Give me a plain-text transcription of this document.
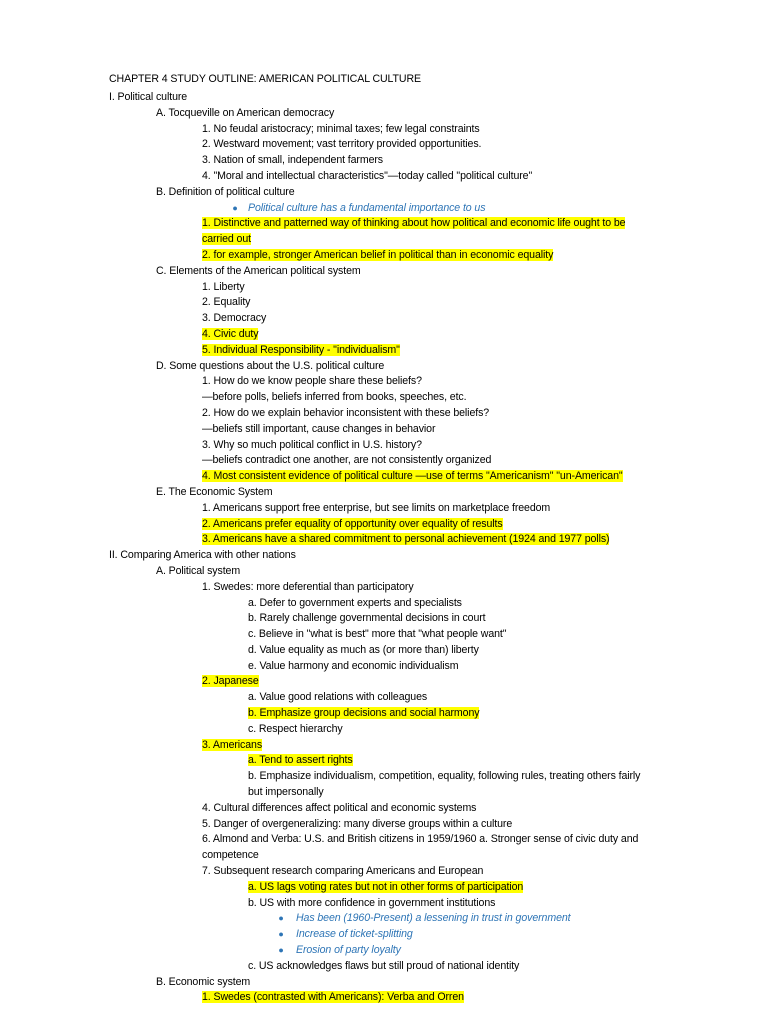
CHAPTER 4 STUDY OUTLINE: AMERICAN POLITICAL CULTURE
I. Political culture
A. Tocqueville on American democracy
1. No feudal aristocracy; minimal taxes; few legal constraints
2. Westward movement; vast territory provided opportunities.
3. Nation of small, independent farmers
4. "Moral and intellectual characteristics"—today called "political culture"
B. Definition of political culture
● Political culture has a fundamental importance to us
1. Distinctive and patterned way of thinking about how political and economic life ought to be
carried out
2. for example, stronger American belief in political than in economic equality
C. Elements of the American political system
1. Liberty
2. Equality
3. Democracy
4. Civic duty
5. Individual Responsibility - "individualism"
D. Some questions about the U.S. political culture
1. How do we know people share these beliefs?
—before polls, beliefs inferred from books, speeches, etc.
2. How do we explain behavior inconsistent with these beliefs?
—beliefs still important, cause changes in behavior
3. Why so much political conflict in U.S. history?
—beliefs contradict one another, are not consistently organized
4. Most consistent evidence of political culture —use of terms "Americanism" "un-American"
E. The Economic System
1. Americans support free enterprise, but see limits on marketplace freedom
2. Americans prefer equality of opportunity over equality of results
3. Americans have a shared commitment to personal achievement (1924 and 1977 polls)
II. Comparing America with other nations
A. Political system
1. Swedes: more deferential than participatory
a. Defer to government experts and specialists
b. Rarely challenge governmental decisions in court
c. Believe in "what is best" more that "what people want"
d. Value equality as much as (or more than) liberty
e. Value harmony and economic individualism
2. Japanese
a. Value good relations with colleagues
b. Emphasize group decisions and social harmony
c. Respect hierarchy
3. Americans
a. Tend to assert rights
b. Emphasize individualism, competition, equality, following rules, treating others fairly
but impersonally
4. Cultural differences affect political and economic systems
5. Danger of overgeneralizing: many diverse groups within a culture
6. Almond and Verba: U.S. and British citizens in 1959/1960 a. Stronger sense of civic duty and
competence
7. Subsequent research comparing Americans and European
a. US lags voting rates but not in other forms of participation
b. US with more confidence in government institutions
● Has been (1960-Present) a lessening in trust in government
● Increase of ticket-splitting
● Erosion of party loyalty
c. US acknowledges flaws but still proud of national identity
B. Economic system
1. Swedes (contrasted with Americans): Verba and Orren
